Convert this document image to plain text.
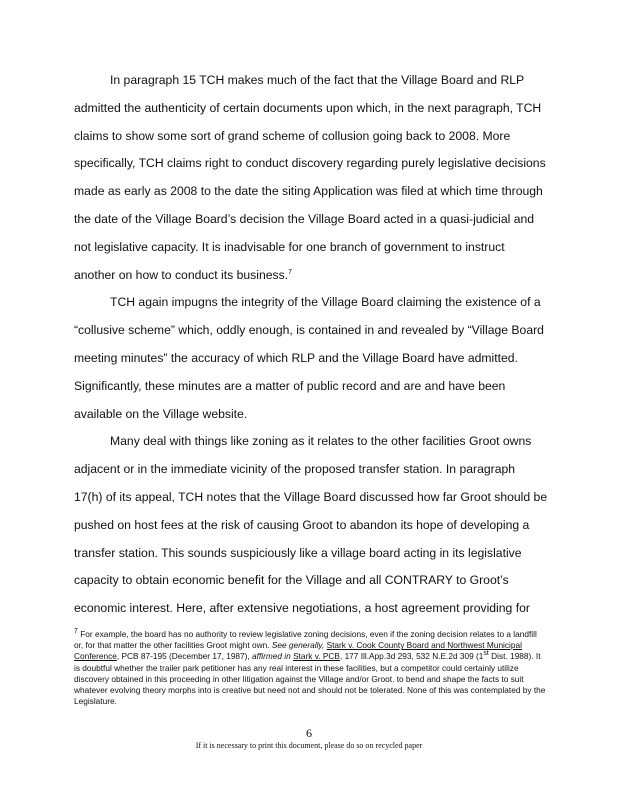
In paragraph 15 TCH makes much of the fact that the Village Board and RLP
admitted the authenticity of certain documents upon which, in the next paragraph, TCH
claims to show some sort of grand scheme of collusion going back to 2008. More
specifically, TCH claims right to conduct discovery regarding purely legislative decisions
made as early as 2008 to the date the siting Application was filed at which time through
the date of the Village Board’s decision the Village Board acted in a quasi-judicial and
not legislative capacity. It is inadvisable for one branch of government to instruct
another on how to conduct its business.$^7$

TCH again impugns the integrity of the Village Board claiming the existence of a
“collusive scheme” which, oddly enough, is contained in and revealed by “Village Board
meeting minutes” the accuracy of which RLP and the Village Board have admitted.
Significantly, these minutes are a matter of public record and are and have been
available on the Village website.

Many deal with things like zoning as it relates to the other facilities Groot owns
adjacent or in the immediate vicinity of the proposed transfer station. In paragraph
17(h) of its appeal, TCH notes that the Village Board discussed how far Groot should be
pushed on host fees at the risk of causing Groot to abandon its hope of developing a
transfer station. This sounds suspiciously like a village board acting in its legislative
capacity to obtain economic benefit for the Village and all CONTRARY to Groot’s
economic interest. Here, after extensive negotiations, a host agreement providing for

$^7$ For example, the board has no authority to review legislative zoning decisions, even if the zoning decision relates to a landfill or, for that matter the other facilities Groot might own. See generally, Stark v. Cook County Board and Northwest Municipal Conference, PCB 87-195 (December 17, 1987), affirmed in Stark v. PCB, 177 Ill.App.3d 293, 532 N.E.2d 309 (1st Dist. 1988). It is doubtful whether the trailer park petitioner has any real interest in these facilities, but a competitor could certainly utilize discovery obtained in this proceeding in other litigation against the Village and/or Groot. to bend and shape the facts to suit whatever evolving theory morphs into is creative but need not and should not be tolerated. None of this was contemplated by the Legislature.

6
If it is necessary to print this document, please do so on recycled paper
